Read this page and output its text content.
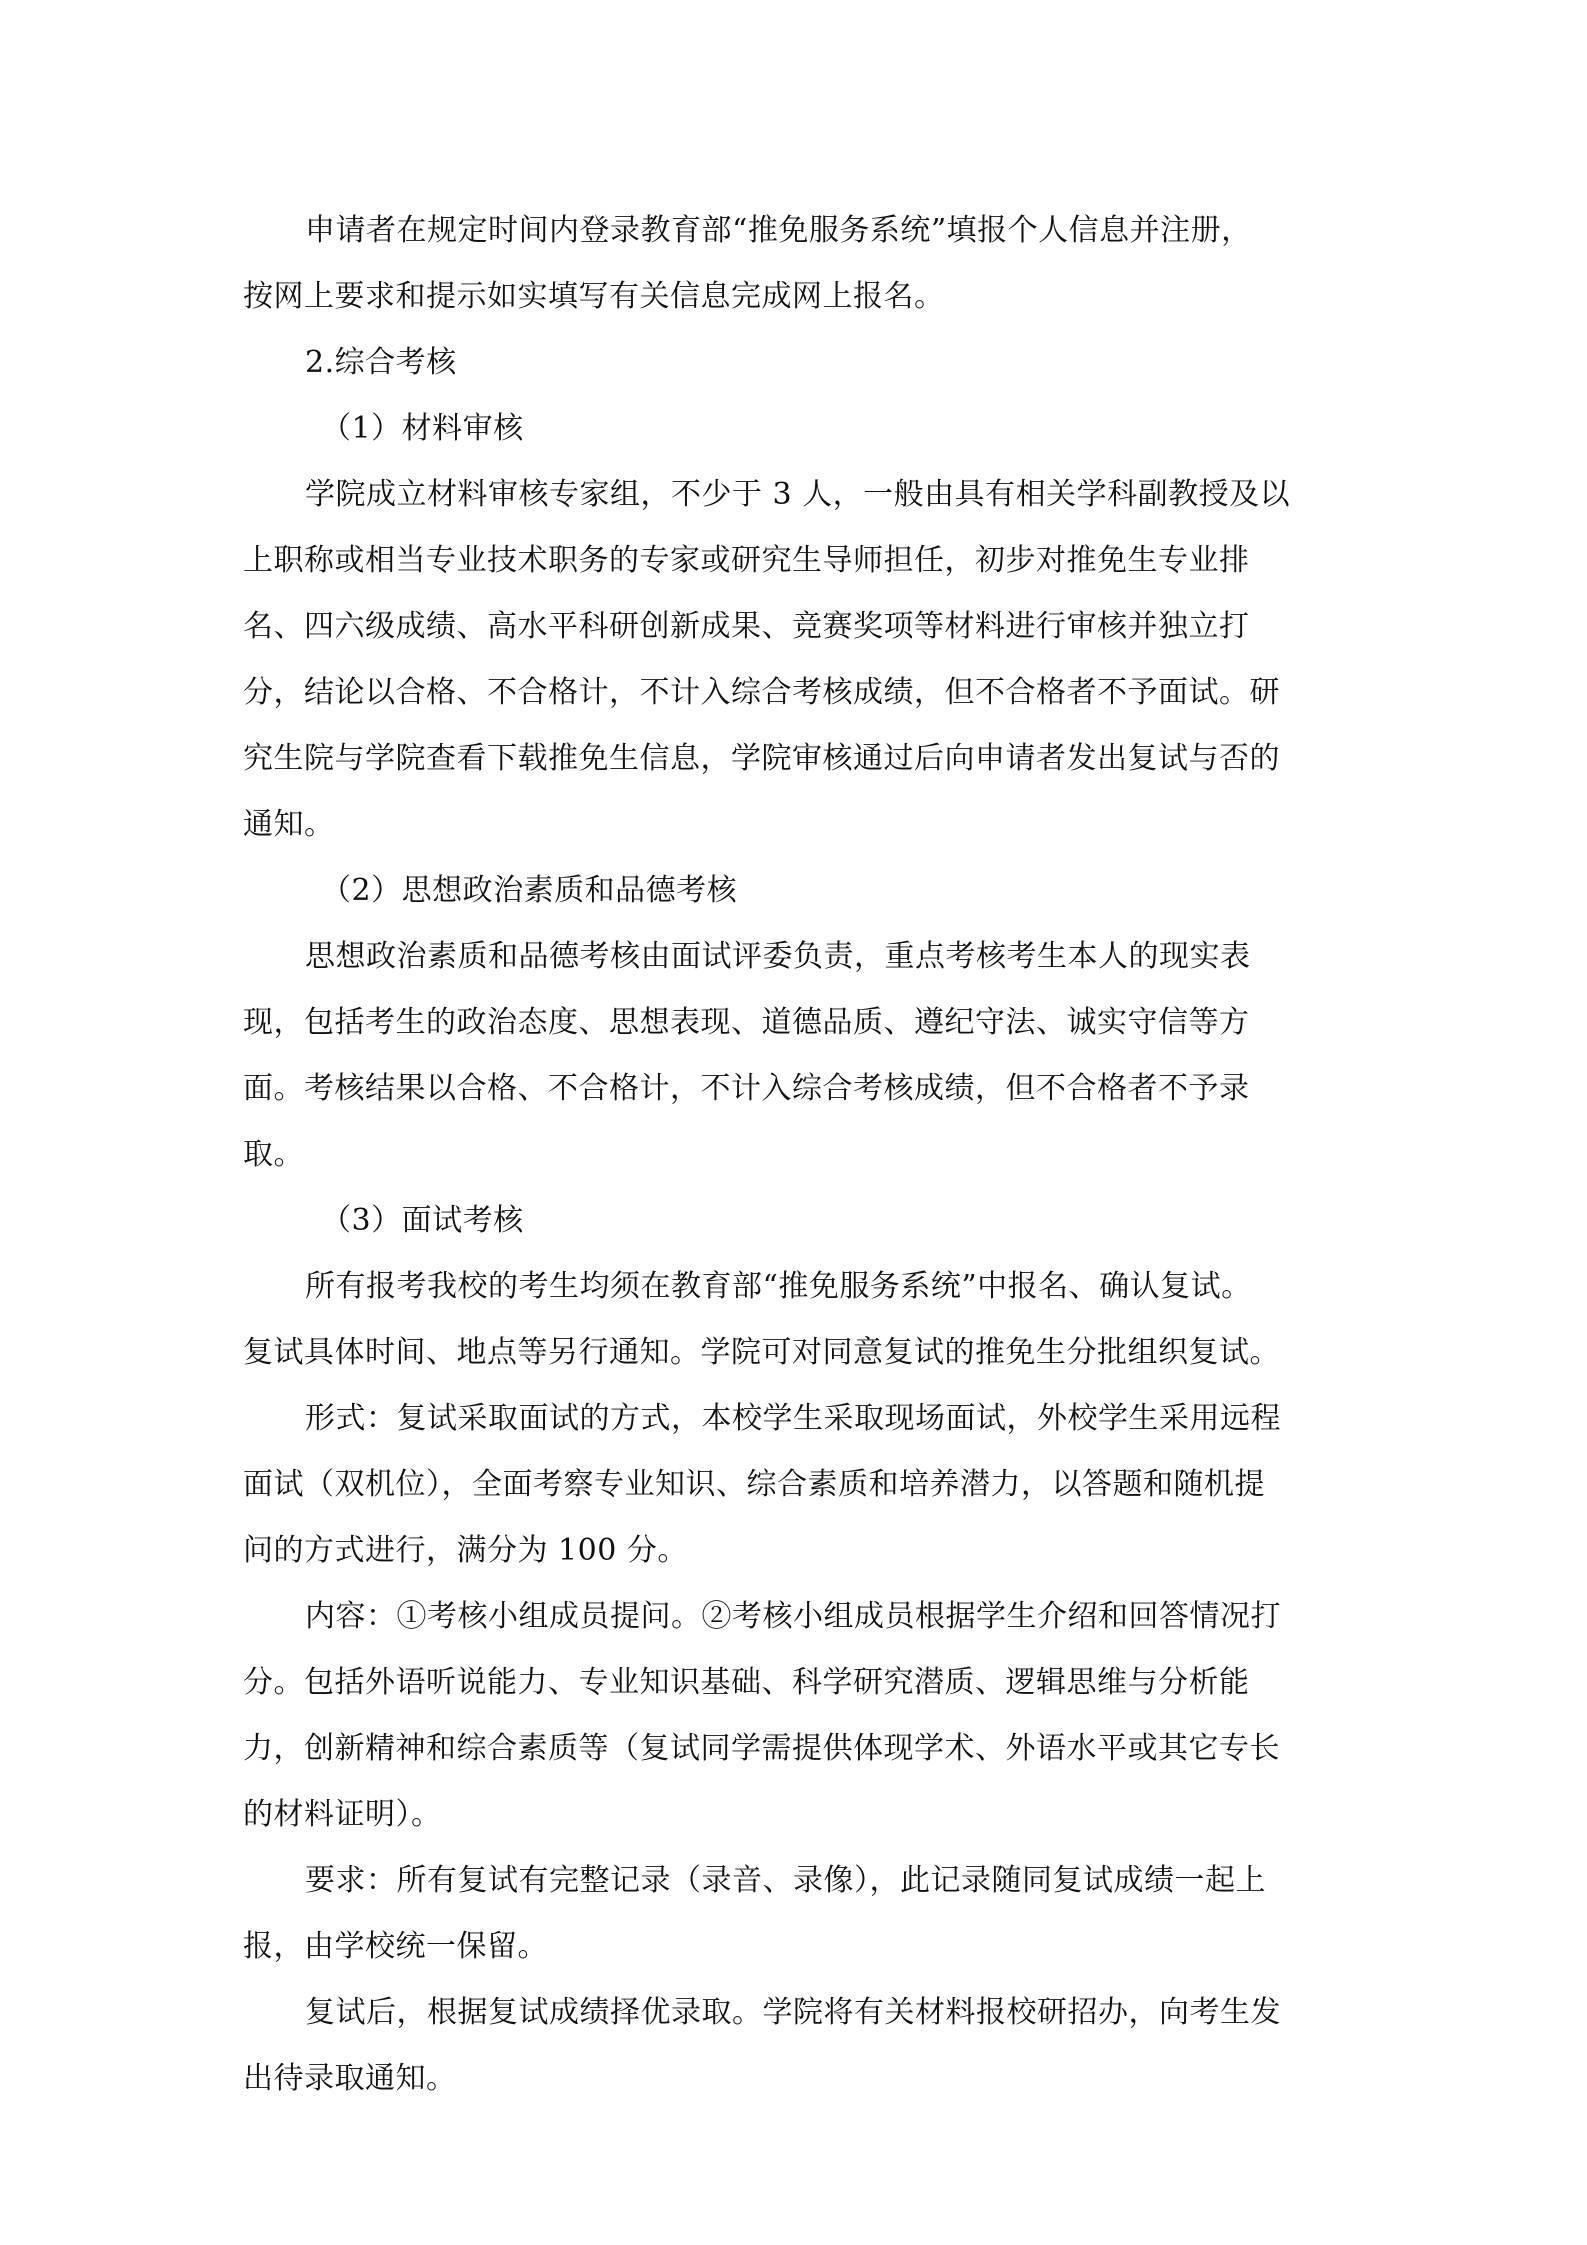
申请者在规定时间内登录教育部“推免服务系统”填报个人信息并注册，
按网上要求和提示如实填写有关信息完成网上报名。
2.综合考核
（1）材料审核
学院成立材料审核专家组，不少于 3 人，一般由具有相关学科副教授及以
上职称或相当专业技术职务的专家或研究生导师担任，初步对推免生专业排
名、四六级成绩、高水平科研创新成果、竞赛奖项等材料进行审核并独立打
分，结论以合格、不合格计，不计入综合考核成绩，但不合格者不予面试。研
究生院与学院查看下载推免生信息，学院审核通过后向申请者发出复试与否的
通知。
（2）思想政治素质和品德考核
思想政治素质和品德考核由面试评委负责，重点考核考生本人的现实表
现，包括考生的政治态度、思想表现、道德品质、遵纪守法、诚实守信等方
面。考核结果以合格、不合格计，不计入综合考核成绩，但不合格者不予录
取。
（3）面试考核
所有报考我校的考生均须在教育部“推免服务系统”中报名、确认复试。
复试具体时间、地点等另行通知。学院可对同意复试的推免生分批组织复试。
形式：复试采取面试的方式，本校学生采取现场面试，外校学生采用远程
面试（双机位），全面考察专业知识、综合素质和培养潜力，以答题和随机提
问的方式进行，满分为 100 分。
内容：①考核小组成员提问。②考核小组成员根据学生介绍和回答情况打
分。包括外语听说能力、专业知识基础、科学研究潜质、逻辑思维与分析能
力，创新精神和综合素质等（复试同学需提供体现学术、外语水平或其它专长
的材料证明）。
要求：所有复试有完整记录（录音、录像），此记录随同复试成绩一起上
报，由学校统一保留。
复试后，根据复试成绩择优录取。学院将有关材料报校研招办，向考生发
出待录取通知。
